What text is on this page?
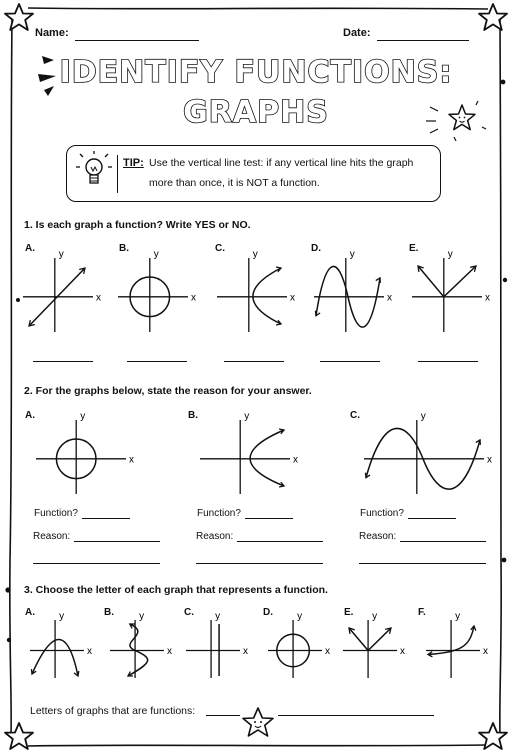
Name:	Date:
IDENTIFY FUNCTIONS:
GRAPHS
TIP: Use the vertical line test: if any vertical line hits the graph
more than once, it is NOT a function.
1. Is each graph a function? Write YES or NO.
A.	B.	C.	D.	E.
x
y
x
y
x
y
x
y
x
y
2. For the graphs below, state the reason for your answer.
A.	B.	C.
x
y
x
y
x
y
Function?
Reason:
Function?
Reason:
Function?
Reason:
3. Choose the letter of each graph that represents a function.
A.	B.	C.	D.	E.	F.
x
y
x
y
x
y
x
y
x
y
x
y
Letters of graphs that are functions:
